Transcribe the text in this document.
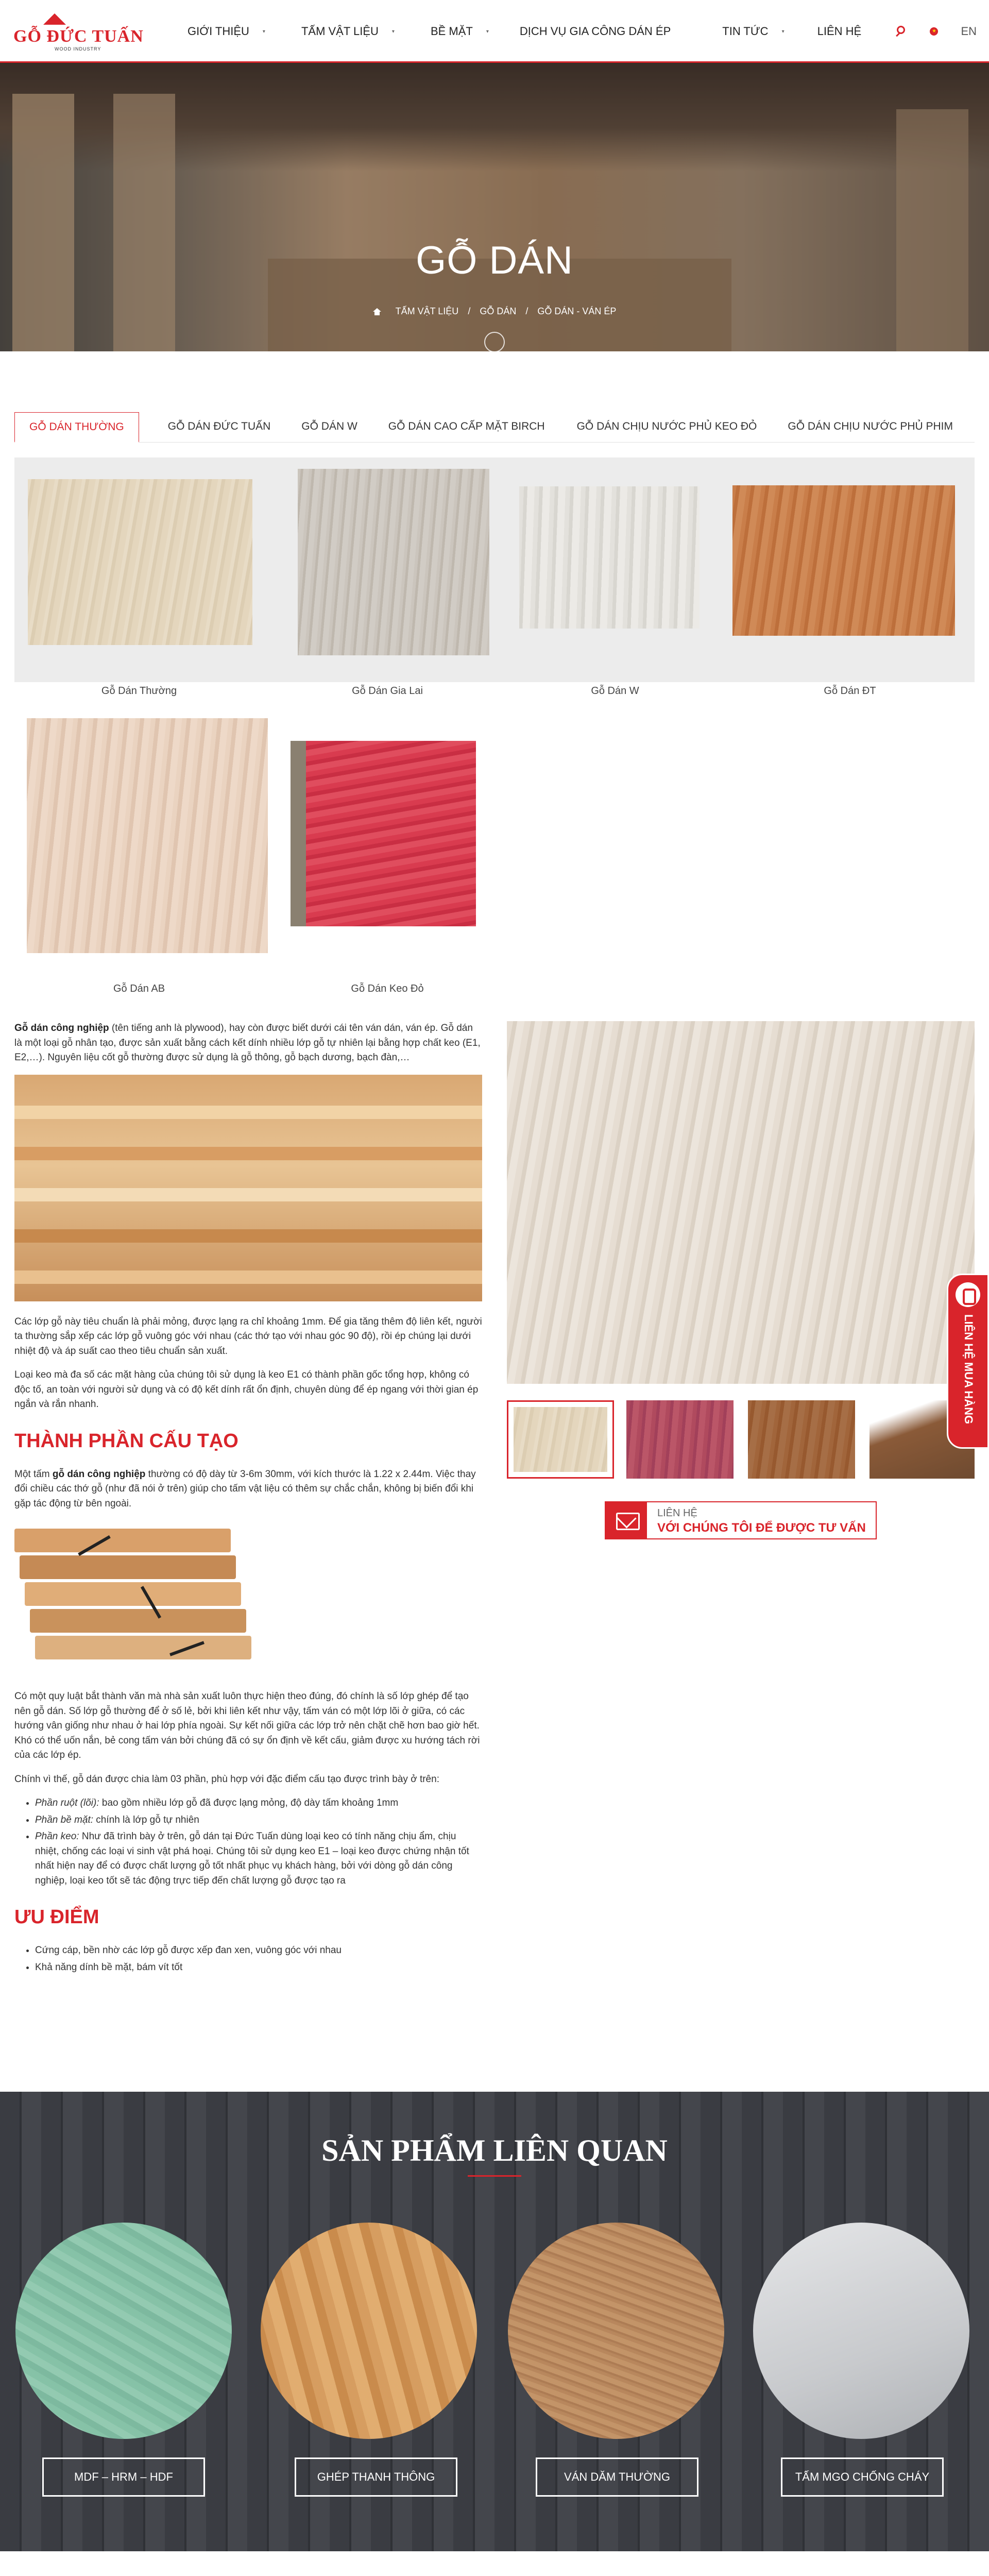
GỖ ĐỨC TUẤN
WOOD INDUSTRY
GIỚI THIỆU	▾	TẤM VẬT LIỆU	▾	BỀ MẶT	▾	DỊCH VỤ GIA CÔNG DÁN ÉP	TIN TỨC	▾	LIÊN HỆ	★ EN
GỖ DÁN
TẤM VẬT LIỆU / GỖ DÁN / GỖ DÁN - VÁN ÉP
GỖ DÁN THƯỜNG	GỖ DÁN ĐỨC TUẤN	GỖ DÁN W	GỖ DÁN CAO CẤP MẶT BIRCH	GỖ DÁN CHỊU NƯỚC PHỦ KEO ĐỎ	GỖ DÁN CHỊU NƯỚC PHỦ PHIM
Gỗ Dán Thường	Gỗ Dán Gia Lai	Gỗ Dán W	Gỗ Dán ĐT
Gỗ Dán AB	Gỗ Dán Keo Đỏ

Gỗ dán công nghiệp (tên tiếng anh là plywood), hay còn được biết dưới cái tên ván dán, ván ép. Gỗ dán là một loại gỗ nhân tạo, được sản xuất bằng cách kết dính nhiều lớp gỗ tự nhiên lại bằng hợp chất keo (E1, E2,…). Nguyên liệu cốt gỗ thường được sử dụng là gỗ thông, gỗ bạch dương, bạch đàn,…

Các lớp gỗ này tiêu chuẩn là phải mỏng, được lạng ra chỉ khoảng 1mm. Để gia tăng thêm độ liên kết, người ta thường sắp xếp các lớp gỗ vuông góc với nhau (các thớ tạo với nhau góc 90 độ), rồi ép chúng lại dưới nhiệt độ và áp suất cao theo tiêu chuẩn sản xuất.

Loại keo mà đa số các mặt hàng của chúng tôi sử dụng là keo E1 có thành phần gốc tổng hợp, không có độc tố, an toàn với người sử dụng và có độ kết dính rất ổn định, chuyên dùng để ép ngang với thời gian ép ngắn và rắn nhanh.

THÀNH PHẦN CẤU TẠO

Một tấm gỗ dán công nghiệp thường có độ dày từ 3-6m 30mm, với kích thước là 1.22 x 2.44m. Việc thay đổi chiều các thớ gỗ (như đã nói ở trên) giúp cho tấm vật liệu có thêm sự chắc chắn, không bị biến đổi khi gặp tác động từ bên ngoài.

Có một quy luật bắt thành văn mà nhà sản xuất luôn thực hiện theo đúng, đó chính là số lớp ghép để tạo nên gỗ dán. Số lớp gỗ thường để ở số lẻ, bởi khi liên kết như vậy, tấm ván có một lớp lõi ở giữa, có các hướng vân giống như nhau ở hai lớp phía ngoài. Sự kết nối giữa các lớp trở nên chặt chẽ hơn bao giờ hết. Khó có thể uốn nắn, bẻ cong tấm ván bởi chúng đã có sự ổn định về kết cấu, giảm được xu hướng tách rời của các lớp ép.

Chính vì thế, gỗ dán được chia làm 03 phần, phù hợp với đặc điểm cấu tạo được trình bày ở trên:

• Phần ruột (lõi): bao gồm nhiều lớp gỗ đã được lạng mỏng, độ dày tấm khoảng 1mm
• Phần bề mặt: chính là lớp gỗ tự nhiên
• Phần keo: Như đã trình bày ở trên, gỗ dán tại Đức Tuấn dùng loại keo có tính năng chịu ẩm, chịu nhiệt, chống các loại vi sinh vật phá hoại. Chúng tôi sử dụng keo E1 – loại keo được chứng nhận tốt nhất hiện nay để có được chất lượng gỗ tốt nhất phục vụ khách hàng, bởi với dòng gỗ dán công nghiệp, loại keo tốt sẽ tác động trực tiếp đến chất lượng gỗ được tạo ra
ƯU ĐIỂM
• Cứng cáp, bền nhờ các lớp gỗ được xếp đan xen, vuông góc với nhau
• Khả năng dính bề mặt, bám vít tốt
LIÊN HỆ
VỚI CHÚNG TÔI ĐỂ ĐƯỢC TƯ VẤN
LIÊN HỆ MUA HÀNG
SẢN PHẨM LIÊN QUAN
MDF – HRM – HDF	GHÉP THANH THÔNG	VÁN DĂM THƯỜNG	TẤM MGO CHỐNG CHÁY
